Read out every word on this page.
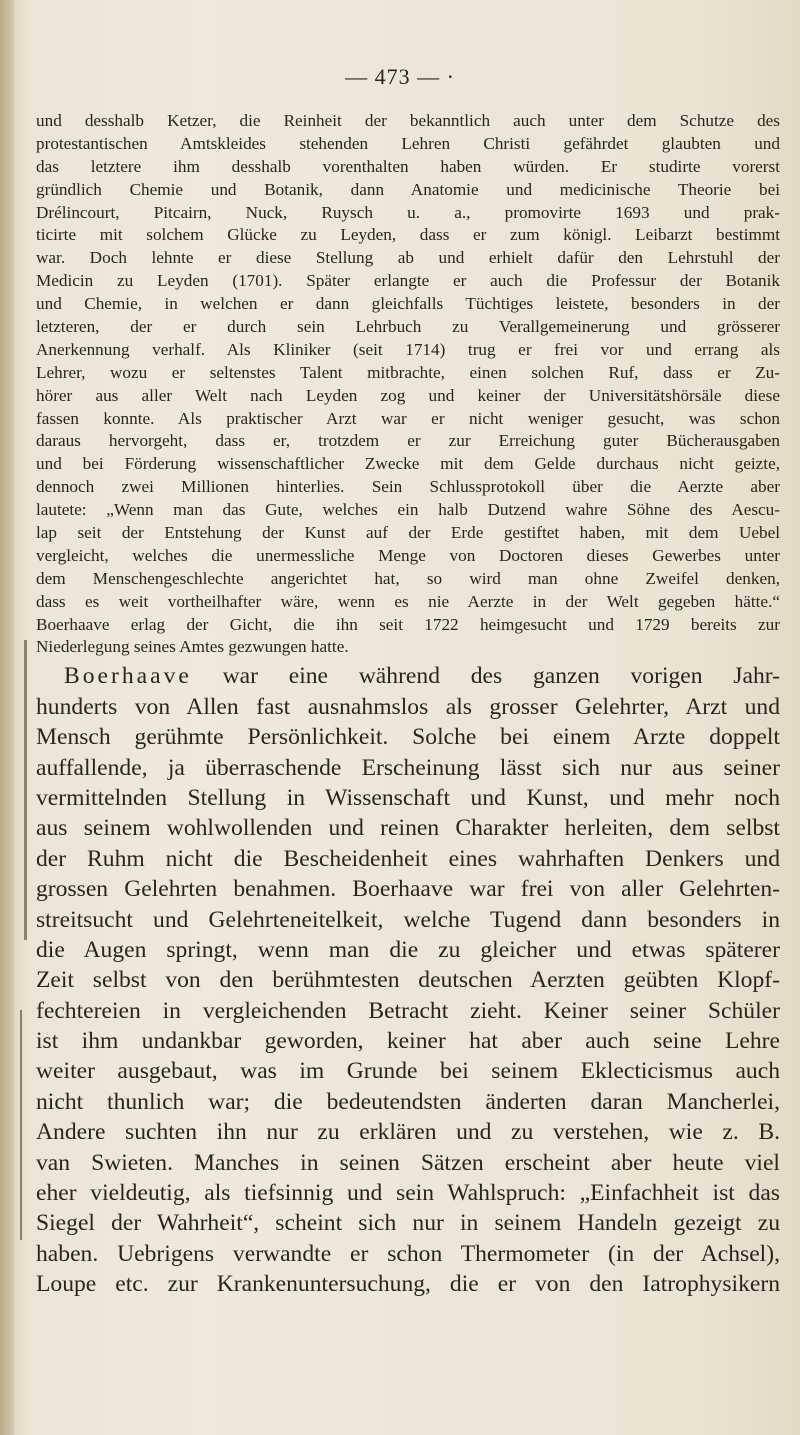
— 473 — ·
und desshalb Ketzer, die Reinheit der bekanntlich auch unter dem Schutze des
protestantischen Amtskleides stehenden Lehren Christi gefährdet glaubten und
das letztere ihm desshalb vorenthalten haben würden. Er studirte vorerst
gründlich Chemie und Botanik, dann Anatomie und medicinische Theorie bei
Drélincourt, Pitcairn, Nuck, Ruysch u. a., promovirte 1693 und prak-
ticirte mit solchem Glücke zu Leyden, dass er zum königl. Leibarzt bestimmt
war. Doch lehnte er diese Stellung ab und erhielt dafür den Lehrstuhl der
Medicin zu Leyden (1701). Später erlangte er auch die Professur der Botanik
und Chemie, in welchen er dann gleichfalls Tüchtiges leistete, besonders in der
letzteren, der er durch sein Lehrbuch zu Verallgemeinerung und grösserer
Anerkennung verhalf. Als Kliniker (seit 1714) trug er frei vor und errang als
Lehrer, wozu er seltenstes Talent mitbrachte, einen solchen Ruf, dass er Zu-
hörer aus aller Welt nach Leyden zog und keiner der Universitätshörsäle diese
fassen konnte. Als praktischer Arzt war er nicht weniger gesucht, was schon
daraus hervorgeht, dass er, trotzdem er zur Erreichung guter Bücherausgaben
und bei Förderung wissenschaftlicher Zwecke mit dem Gelde durchaus nicht geizte,
dennoch zwei Millionen hinterlies. Sein Schlussprotokoll über die Aerzte aber
lautete: „Wenn man das Gute, welches ein halb Dutzend wahre Söhne des Aescu-
lap seit der Entstehung der Kunst auf der Erde gestiftet haben, mit dem Uebel
vergleicht, welches die unermessliche Menge von Doctoren dieses Gewerbes unter
dem Menschengeschlechte angerichtet hat, so wird man ohne Zweifel denken,
dass es weit vortheilhafter wäre, wenn es nie Aerzte in der Welt gegeben hätte.“
Boerhaave erlag der Gicht, die ihn seit 1722 heimgesucht und 1729 bereits zur
Niederlegung seines Amtes gezwungen hatte.
Boerhaave war eine während des ganzen vorigen Jahr-
hunderts von Allen fast ausnahmslos als grosser Gelehrter, Arzt und
Mensch gerühmte Persönlichkeit. Solche bei einem Arzte doppelt
auffallende, ja überraschende Erscheinung lässt sich nur aus seiner
vermittelnden Stellung in Wissenschaft und Kunst, und mehr noch
aus seinem wohlwollenden und reinen Charakter herleiten, dem selbst
der Ruhm nicht die Bescheidenheit eines wahrhaften Denkers und
grossen Gelehrten benahmen. Boerhaave war frei von aller Gelehrten-
streitsucht und Gelehrteneitelkeit, welche Tugend dann besonders in
die Augen springt, wenn man die zu gleicher und etwas späterer
Zeit selbst von den berühmtesten deutschen Aerzten geübten Klopf-
fechtereien in vergleichenden Betracht zieht. Keiner seiner Schüler
ist ihm undankbar geworden, keiner hat aber auch seine Lehre
weiter ausgebaut, was im Grunde bei seinem Eklecticismus auch
nicht thunlich war; die bedeutendsten änderten daran Mancherlei,
Andere suchten ihn nur zu erklären und zu verstehen, wie z. B.
van Swieten. Manches in seinen Sätzen erscheint aber heute viel
eher vieldeutig, als tiefsinnig und sein Wahlspruch: „Einfachheit ist das
Siegel der Wahrheit“, scheint sich nur in seinem Handeln gezeigt zu
haben. Uebrigens verwandte er schon Thermometer (in der Achsel),
Loupe etc. zur Krankenuntersuchung, die er von den Iatrophysikern
